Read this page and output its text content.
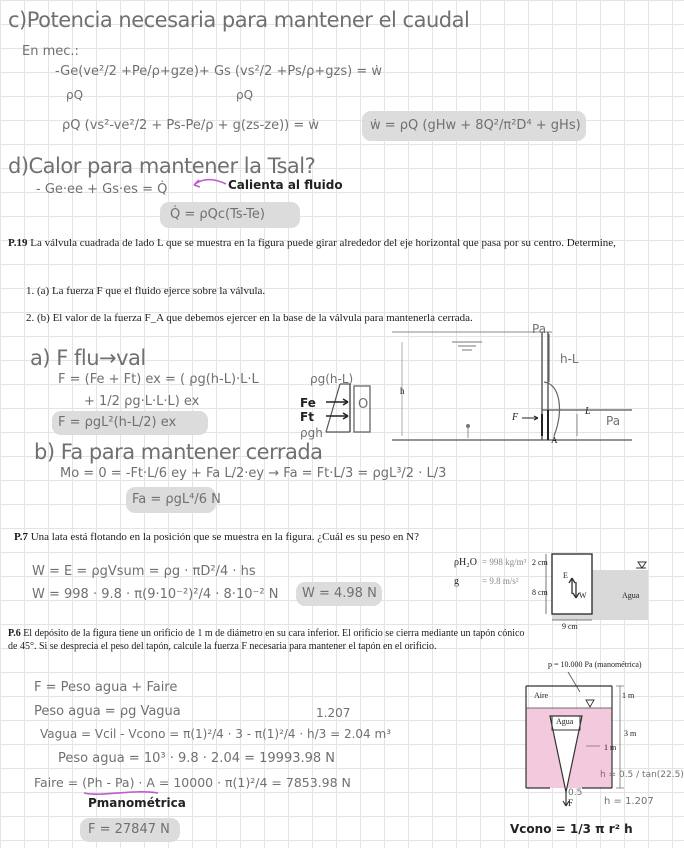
c)Potencia necesaria para mantener el caudal
En mec.:
-Ge(ve²/2 +Pe/ρ+gze)+ Gs (vs²/2 +Ps/ρ+gzs) = ẇ
ρQ	ρQ
ρQ (vs²-ve²/2 + Ps-Pe/ρ + g(zs-ze)) = ẇ	ẇ = ρQ (gHw + 8Q²/π²D⁴ + gHs)
d)Calor para mantener la Tsal?
- Ge·ee + Gs·es = Q̇	Calienta al fluido
Q̇ = ρQc(Ts-Te)
P.19 La válvula cuadrada de lado L que se muestra en la figura puede girar alrededor del eje horizontal que pasa por su centro. Determine,
1. (a) La fuerza F que el fluido ejerce sobre la válvula.
2. (b) El valor de la fuerza F_A que debemos ejercer en la base de la válvula para mantenerla cerrada.
a) F flu→val
F = (Fe + Ft) ex = ( ρg(h-L)·L·L
+ 1/2 ρg·L·L·L) ex
F = ρgL²(h-L/2) ex
ρg(h-L)
Fe
Ft
ρgh
O
b) Fa para mantener cerrada
Mo = 0 = -Ft·L/6 ey + Fa L/2·ey → Fa = Ft·L/3 = ρgL³/2 · L/3
Fa = ρgL⁴/6 N
Pa
h-L
h
F
L
Pa
A
P.7 Una lata está flotando en la posición que se muestra en la figura. ¿Cuál es su peso en N?
W = E = ρgVsum = ρg · πD²/4 · hs
W = 998 · 9.8 · π(9·10⁻²)²/4 · 8·10⁻² N W = 4.98 N
ρH₂O = 998 kg/m³
g	= 9.8 m/s²
2 cm
8 cm
9 cm
Agua
E
W
P.6 El depósito de la figura tiene un orificio de 1 m de diámetro en su cara inferior. El orificio se cierra mediante un tapón cónico de 45°. Si se desprecia el peso del tapón, calcule la fuerza F necesaria para mantener el tapón en el orificio.
F = Peso agua + Faire
Peso agua = ρg Vagua	1.207
Vagua = Vcil - Vcono = π(1)²/4 · 3 - π(1)²/4 · h/3 = 2.04 m³
Peso agua = 10³ · 9.8 · 2.04 = 19993.98 N
Faire = (Ph - Pa) · A = 10000 · π(1)²/4 = 7853.98 N
Pmanométrica
F = 27847 N
p = 10.000 Pa (manométrica)
Aire
Agua
1 m
3 m
1 m
h = 0.5 / tan(22.5)
h = 1.207
0.5
F
Vcono = 1/3 π r² h
